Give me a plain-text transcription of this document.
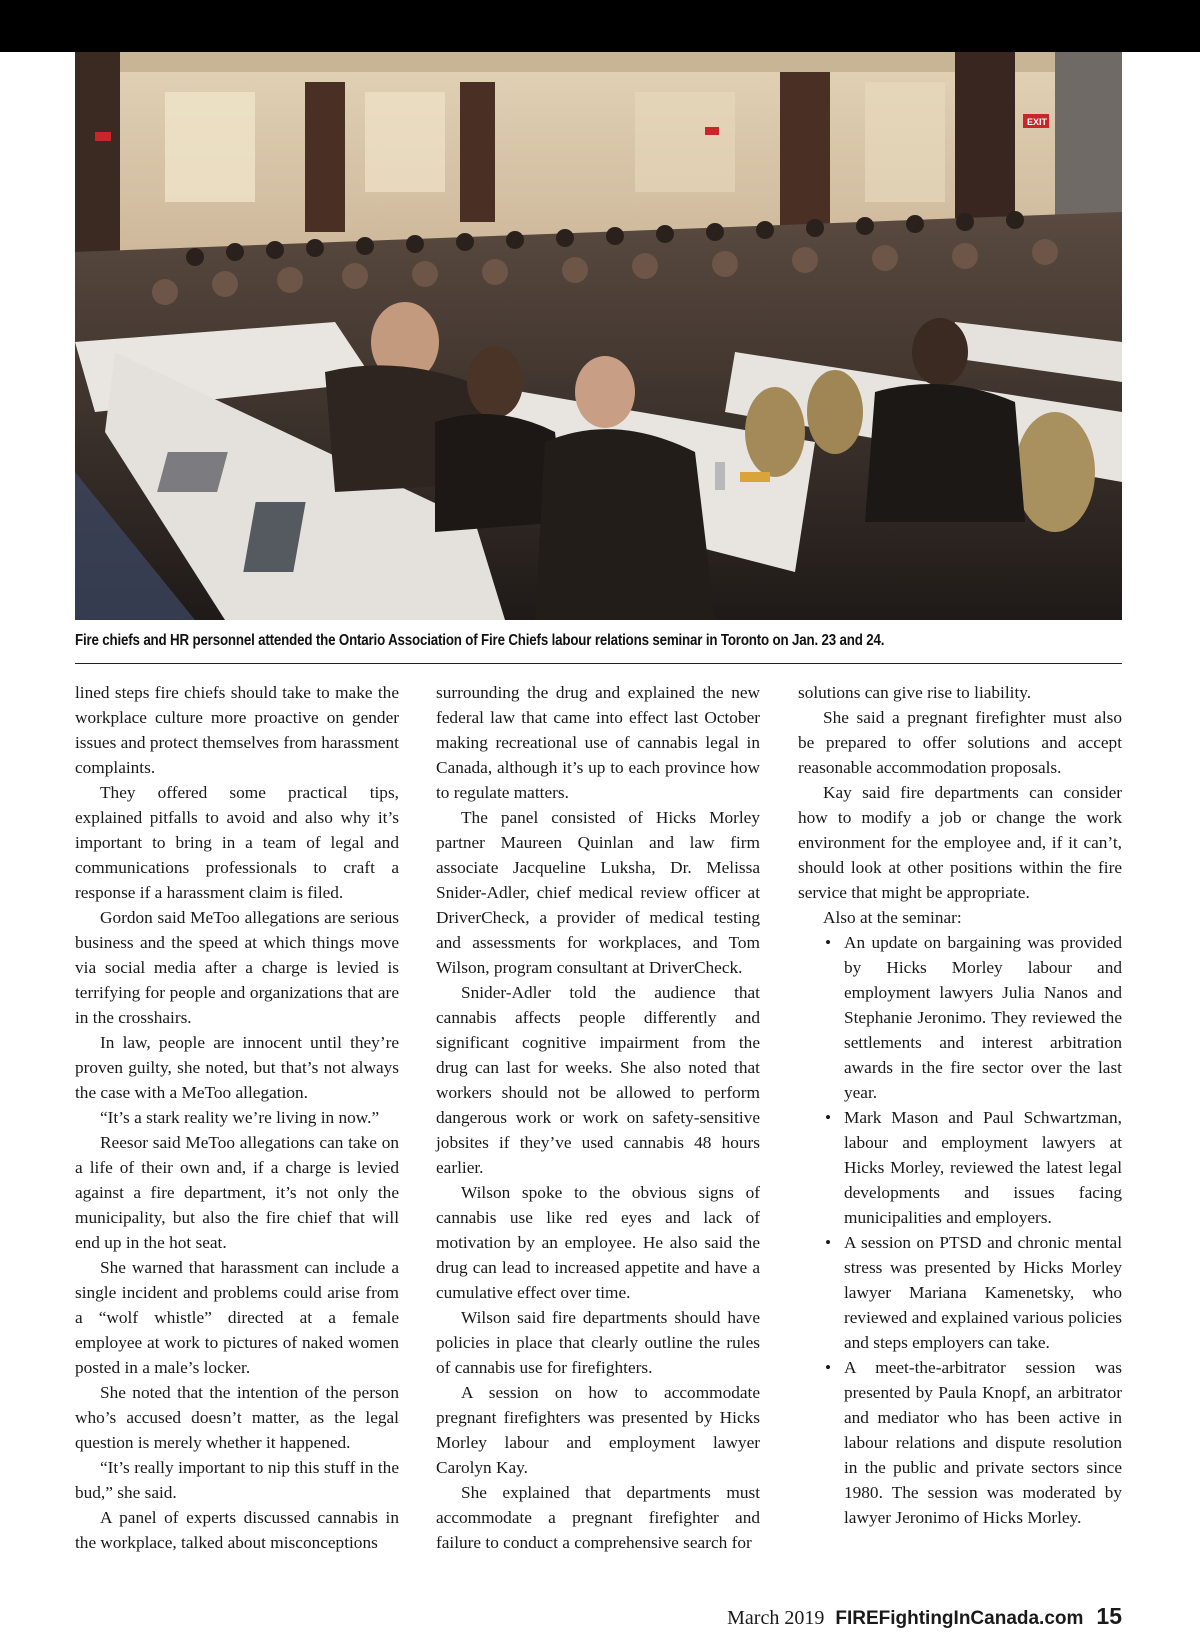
EXIT
Fire chiefs and HR personnel attended the Ontario Association of Fire Chiefs labour relations seminar in Toronto on Jan. 23 and 24.

lined steps fire chiefs should take to make the workplace culture more proactive on gender issues and protect themselves from harassment complaints.

They offered some practical tips, explained pitfalls to avoid and also why it’s important to bring in a team of legal and communications professionals to craft a response if a harassment claim is filed.

Gordon said MeToo allegations are serious business and the speed at which things move via social media after a charge is levied is terrifying for people and organizations that are in the crosshairs.

In law, people are innocent until they’re proven guilty, she noted, but that’s not always the case with a MeToo allegation.

“It’s a stark reality we’re living in now.”

Reesor said MeToo allegations can take on a life of their own and, if a charge is levied against a fire department, it’s not only the municipality, but also the fire chief that will end up in the hot seat.

She warned that harassment can include a single incident and problems could arise from a “wolf whistle” directed at a female employee at work to pictures of naked women posted in a male’s locker.

She noted that the intention of the person who’s accused doesn’t matter, as the legal question is merely whether it happened.

“It’s really important to nip this stuff in the bud,” she said.

A panel of experts discussed cannabis in the workplace, talked about misconceptions

surrounding the drug and explained the new federal law that came into effect last October making recreational use of cannabis legal in Canada, although it’s up to each province how to regulate matters.

The panel consisted of Hicks Morley partner Maureen Quinlan and law firm associate Jacqueline Luksha, Dr. Melissa Snider-Adler, chief medical review officer at DriverCheck, a provider of medical testing and assessments for workplaces, and Tom Wilson, program consultant at DriverCheck.

Snider-Adler told the audience that cannabis affects people differently and significant cognitive impairment from the drug can last for weeks. She also noted that workers should not be allowed to perform dangerous work or work on safety-sensitive jobsites if they’ve used cannabis 48 hours earlier.

Wilson spoke to the obvious signs of cannabis use like red eyes and lack of motivation by an employee. He also said the drug can lead to increased appetite and have a cumulative effect over time.

Wilson said fire departments should have policies in place that clearly outline the rules of cannabis use for firefighters.

A session on how to accommodate pregnant firefighters was presented by Hicks Morley labour and employment lawyer Carolyn Kay.

She explained that departments must accommodate a pregnant firefighter and failure to conduct a comprehensive search for

solutions can give rise to liability.

She said a pregnant firefighter must also be prepared to offer solutions and accept reasonable accommodation proposals.

Kay said fire departments can consider how to modify a job or change the work environment for the employee and, if it can’t, should look at other positions within the fire service that might be appropriate.

Also at the seminar:

• An update on bargaining was provided by Hicks Morley labour and employment lawyers Julia Nanos and Stephanie Jeronimo. They reviewed the settlements and interest arbitration awards in the fire sector over the last year.
• Mark Mason and Paul Schwartzman, labour and employment lawyers at Hicks Morley, reviewed the latest legal developments and issues facing municipalities and employers.
• A session on PTSD and chronic mental stress was presented by Hicks Morley lawyer Mariana Kamenetsky, who reviewed and explained various policies and steps employers can take.
• A meet-the-arbitrator session was presented by Paula Knopf, an arbitrator and mediator who has been active in labour relations and dispute resolution in the public and private sectors since 1980. The session was moderated by lawyer Jeronimo of Hicks Morley.
March 2019 FIREFightingInCanada.com 15
